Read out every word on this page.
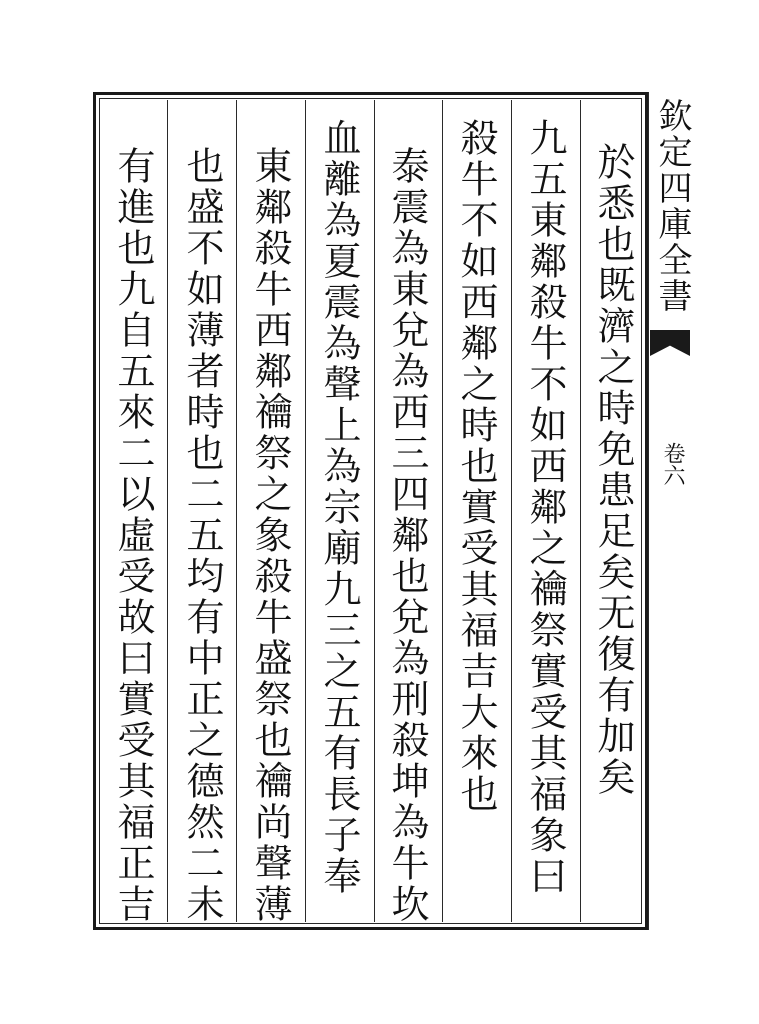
於悉也既濟之時免患足矣无復有加矣
九五東鄰殺牛不如西鄰之禴祭實受其福象曰
殺牛不如西鄰之時也實受其福吉大來也
泰震為東兌為西三四鄰也兌為刑殺坤為牛坎
血離為夏震為聲上為宗廟九三之五有長子奉
東鄰殺牛西鄰禴祭之象殺牛盛祭也禴尚聲薄
也盛不如薄者時也二五均有中正之德然二未
有進也九自五來二以虛受故曰實受其福正吉
欽定四庫全書
卷六
